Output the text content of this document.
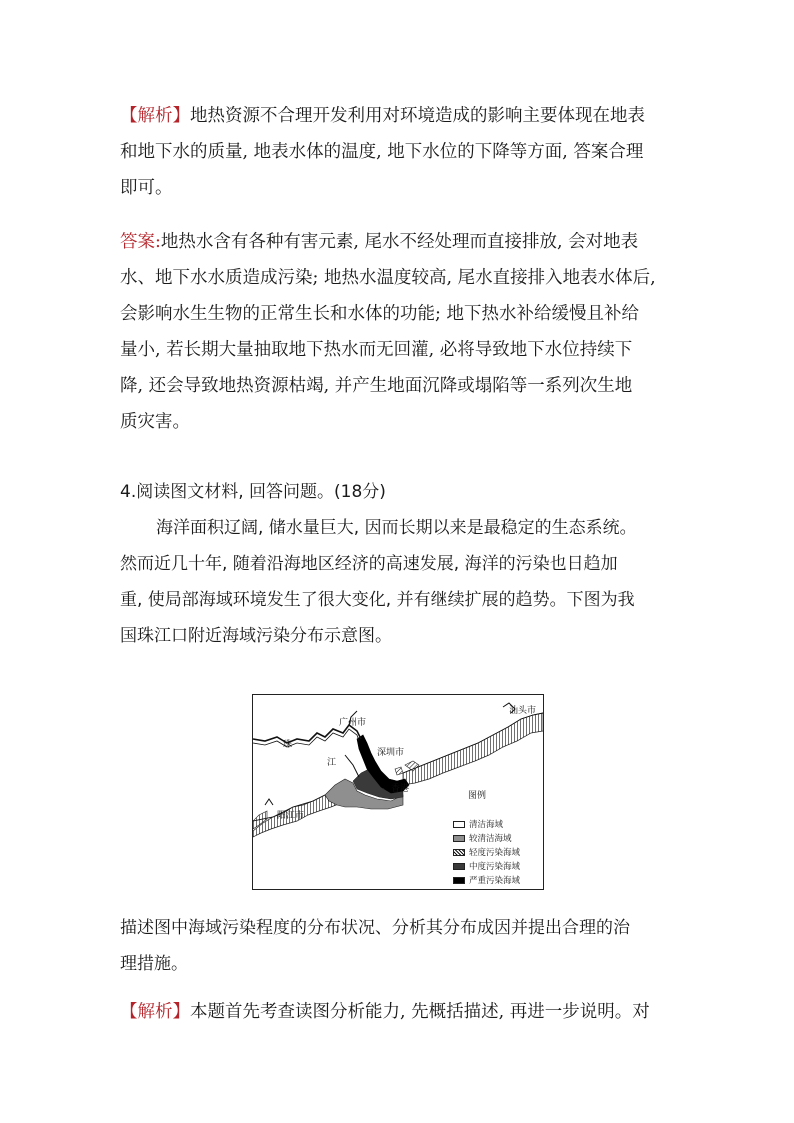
【解析】地热资源不合理开发利用对环境造成的影响主要体现在地表
和地下水的质量, 地表水体的温度, 地下水位的下降等方面, 答案合理
即可。
答案:地热水含有各种有害元素, 尾水不经处理而直接排放, 会对地表
水、地下水水质造成污染; 地热水温度较高, 尾水直接排入地表水体后,
会影响水生生物的正常生长和水体的功能; 地下热水补给缓慢且补给
量小, 若长期大量抽取地下热水而无回灌, 必将导致地下水位持续下
降, 还会导致地热资源枯竭, 并产生地面沉降或塌陷等一系列次生地
质灾害。
4.阅读图文材料, 回答问题。(18分)
海洋面积辽阔, 储水量巨大, 因而长期以来是最稳定的生态系统。
然而近几十年, 随着沿海地区经济的高速发展, 海洋的污染也日趋加
重, 使局部海域环境发生了很大变化, 并有继续扩展的趋势。下图为我
国珠江口附近海域污染分布示意图。
广州市
珠
江
深圳市
香港
阳江市
汕头市
图例
清洁海域
较清洁海域
轻度污染海域
中度污染海域
严重污染海域
描述图中海域污染程度的分布状况、分析其分布成因并提出合理的治
理措施。
【解析】本题首先考查读图分析能力, 先概括描述, 再进一步说明。对
